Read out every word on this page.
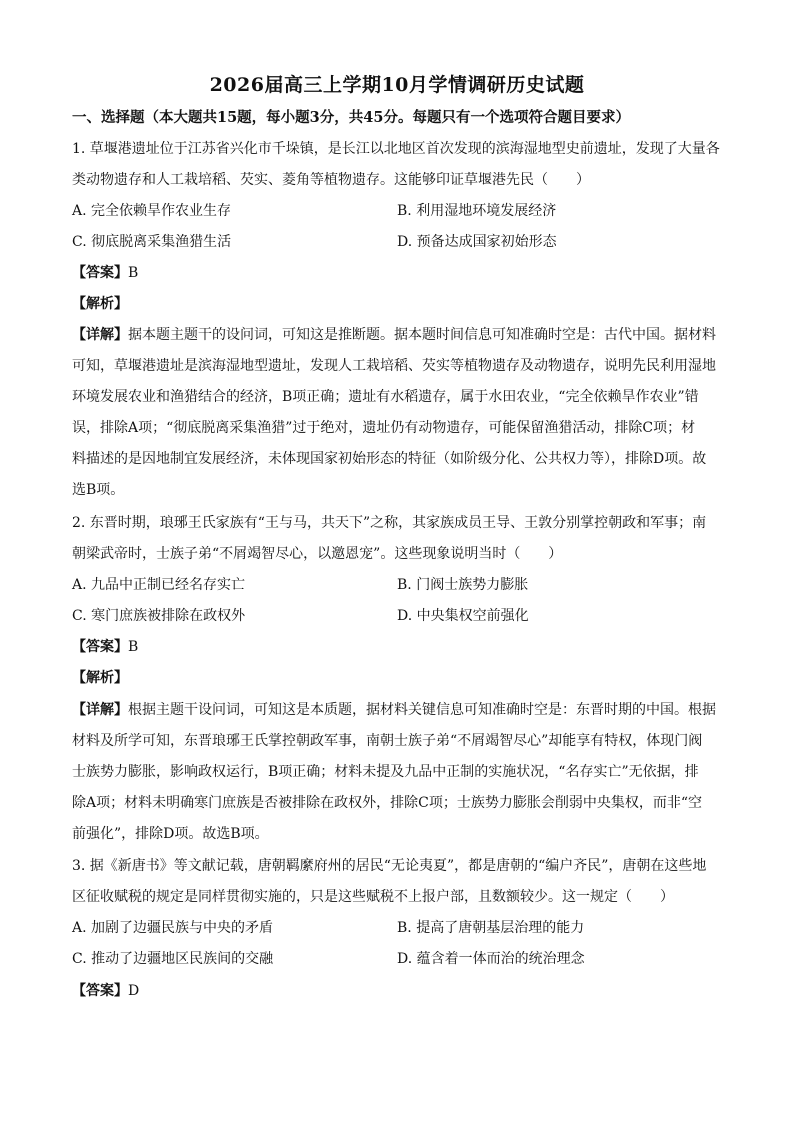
2026届高三上学期10月学情调研历史试题
一、选择题（本大题共15题，每小题3分，共45分。每题只有一个选项符合题目要求）
1. 草堰港遗址位于江苏省兴化市千垛镇，是长江以北地区首次发现的滨海湿地型史前遗址，发现了大量各
类动物遗存和人工栽培稻、芡实、菱角等植物遗存。这能够印证草堰港先民（　　）
A. 完全依赖旱作农业生存	B. 利用湿地环境发展经济
C. 彻底脱离采集渔猎生活	D. 预备达成国家初始形态
【答案】B
【解析】
【详解】据本题主题干的设问词，可知这是推断题。据本题时间信息可知准确时空是：古代中国。据材料
可知，草堰港遗址是滨海湿地型遗址，发现人工栽培稻、芡实等植物遗存及动物遗存，说明先民利用湿地
环境发展农业和渔猎结合的经济，B项正确；遗址有水稻遗存，属于水田农业，“完全依赖旱作农业”错
误，排除A项；“彻底脱离采集渔猎”过于绝对，遗址仍有动物遗存，可能保留渔猎活动，排除C项；材
料描述的是因地制宜发展经济，未体现国家初始形态的特征（如阶级分化、公共权力等），排除D项。故
选B项。
2. 东晋时期，琅琊王氏家族有“王与马，共天下”之称，其家族成员王导、王敦分别掌控朝政和军事；南
朝梁武帝时，士族子弟“不屑竭智尽心，以邀恩宠”。这些现象说明当时（　　）
A. 九品中正制已经名存实亡	B. 门阀士族势力膨胀
C. 寒门庶族被排除在政权外	D. 中央集权空前强化
【答案】B
【解析】
【详解】根据主题干设问词，可知这是本质题，据材料关键信息可知准确时空是：东晋时期的中国。根据
材料及所学可知，东晋琅琊王氏掌控朝政军事，南朝士族子弟“不屑竭智尽心”却能享有特权，体现门阀
士族势力膨胀，影响政权运行，B项正确；材料未提及九品中正制的实施状况，“名存实亡”无依据，排
除A项；材料未明确寒门庶族是否被排除在政权外，排除C项；士族势力膨胀会削弱中央集权，而非“空
前强化”，排除D项。故选B项。
3. 据《新唐书》等文献记载，唐朝羁縻府州的居民“无论夷夏”，都是唐朝的“编户齐民”，唐朝在这些地
区征收赋税的规定是同样贯彻实施的，只是这些赋税不上报户部，且数额较少。这一规定（　　）
A. 加剧了边疆民族与中央的矛盾	B. 提高了唐朝基层治理的能力
C. 推动了边疆地区民族间的交融	D. 蕴含着一体而治的统治理念
【答案】D
